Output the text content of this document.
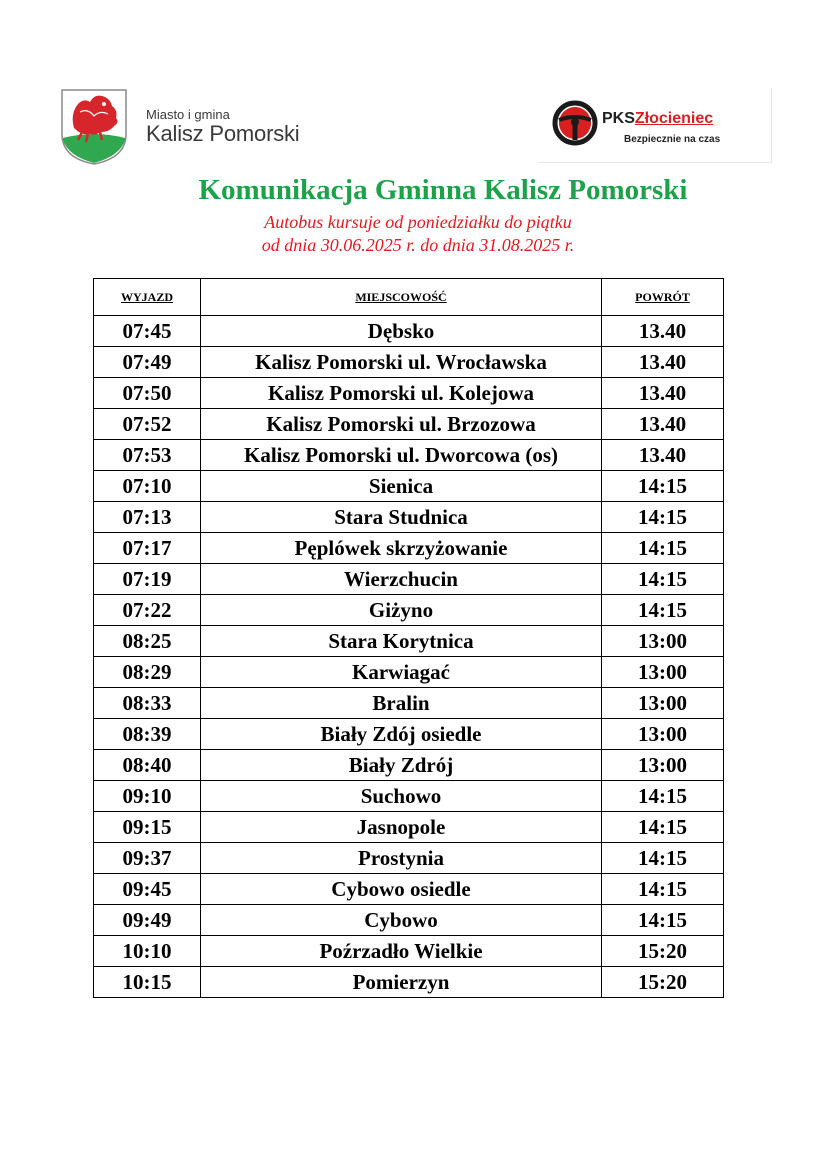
Miasto i gmina
Kalisz Pomorski
PKSZłocieniec
Bezpiecznie na czas
Komunikacja Gminna Kalisz Pomorski
Autobus kursuje od poniedziałku do piątku
od dnia 30.06.2025 r. do dnia 31.08.2025 r.
WYJAZD	MIEJSCOWOŚĆ	POWRÓT
07:45	Dębsko	13.40
07:49	Kalisz Pomorski ul. Wrocławska	13.40
07:50	Kalisz Pomorski ul. Kolejowa	13.40
07:52	Kalisz Pomorski ul. Brzozowa	13.40
07:53	Kalisz Pomorski ul. Dworcowa (os)	13.40
07:10	Sienica	14:15
07:13	Stara Studnica	14:15
07:17	Pęplówek skrzyżowanie	14:15
07:19	Wierzchucin	14:15
07:22	Giżyno	14:15
08:25	Stara Korytnica	13:00
08:29	Karwiagać	13:00
08:33	Bralin	13:00
08:39	Biały Zdój osiedle	13:00
08:40	Biały Zdrój	13:00
09:10	Suchowo	14:15
09:15	Jasnopole	14:15
09:37	Prostynia	14:15
09:45	Cybowo osiedle	14:15
09:49	Cybowo	14:15
10:10	Poźrzadło Wielkie	15:20
10:15	Pomierzyn	15:20
